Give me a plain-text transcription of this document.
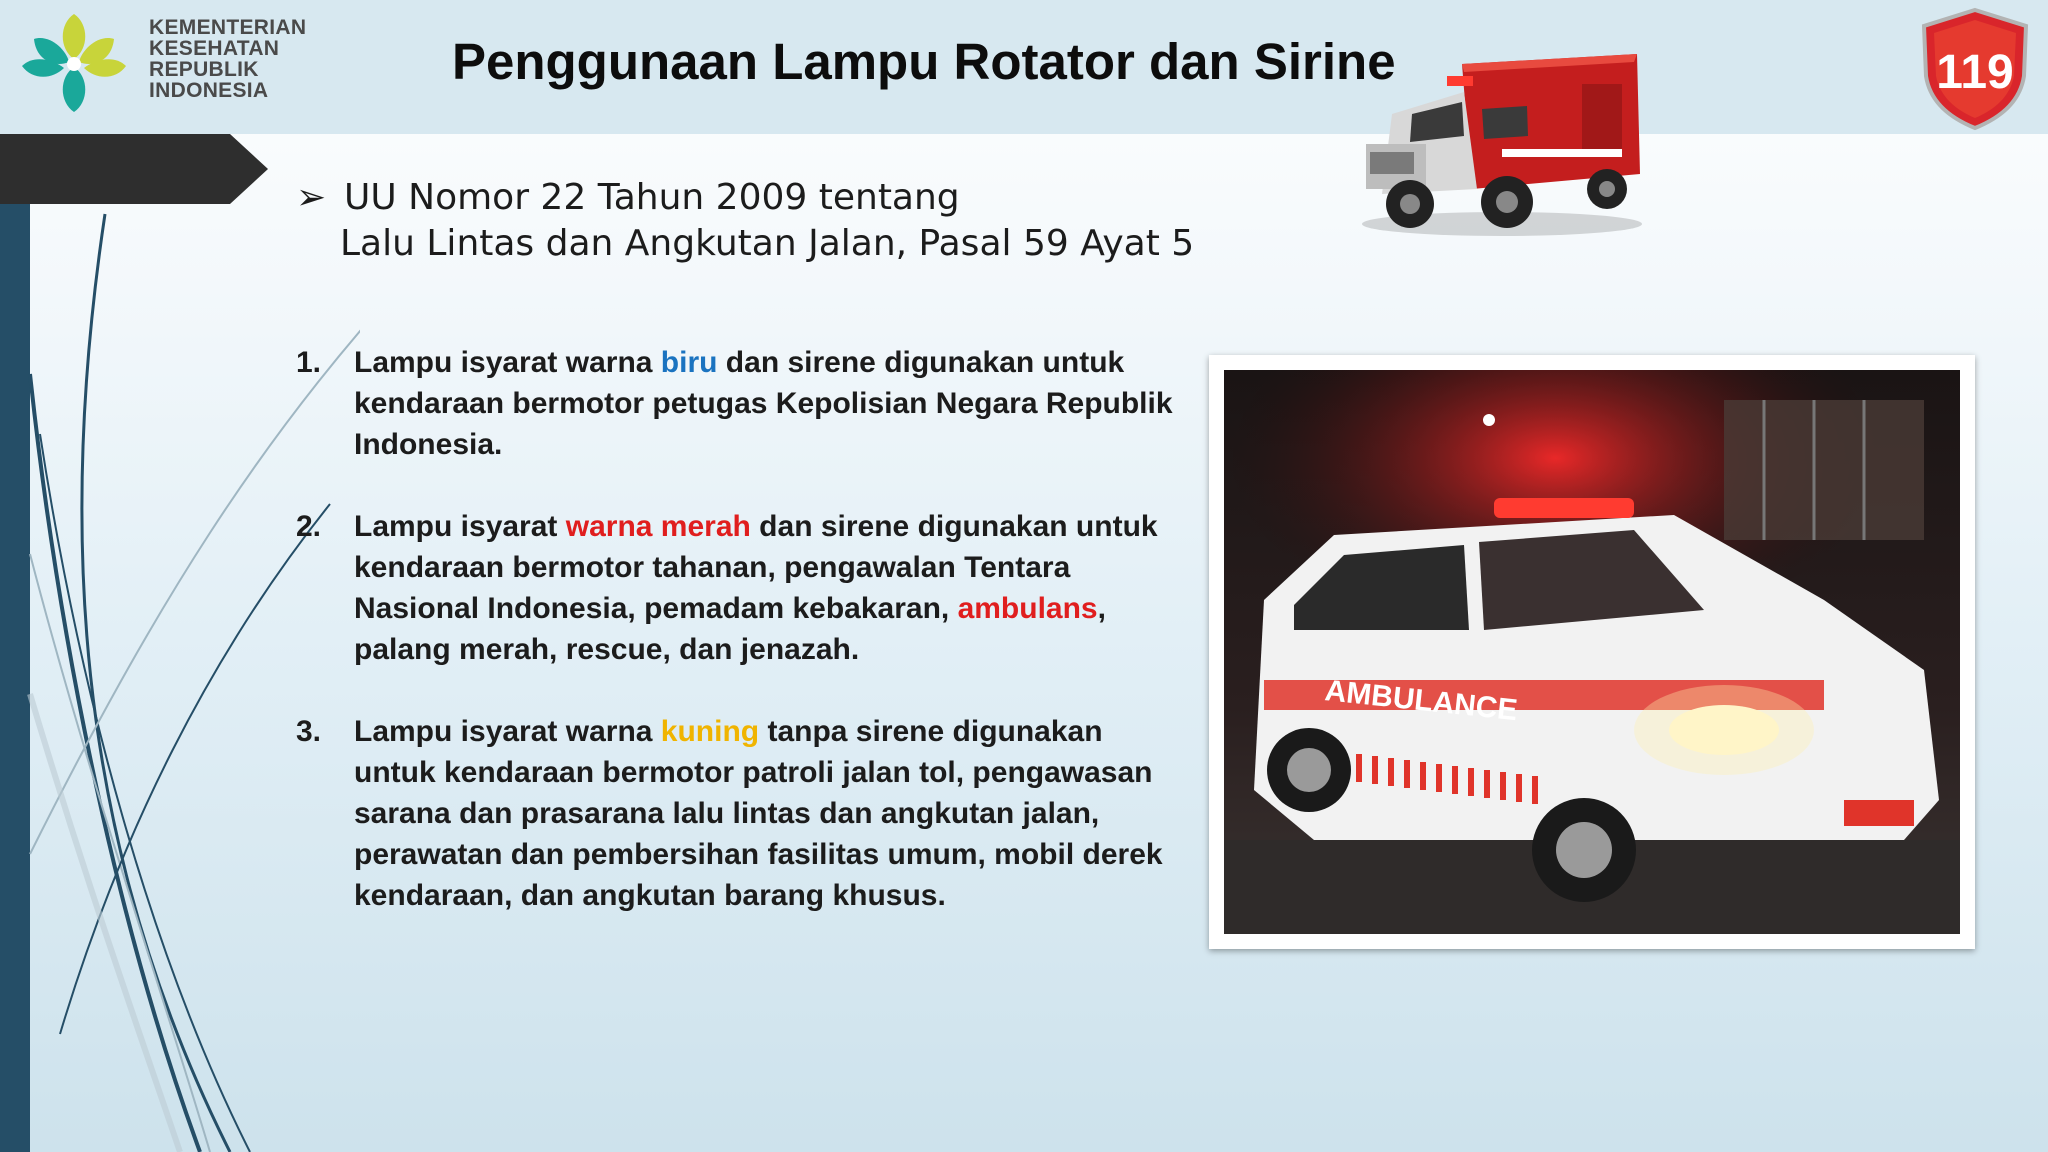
KEMENTERIAN
KESEHATAN
REPUBLIK
INDONESIA
Penggunaan Lampu Rotator dan Sirine	119
➢ UU Nomor 22 Tahun 2009 tentang
Lalu Lintas dan Angkutan Jalan, Pasal 59 Ayat 5
1. Lampu isyarat warna biru dan sirene digunakan untuk kendaraan bermotor petugas Kepolisian Negara Republik Indonesia.
2. Lampu isyarat warna merah dan sirene digunakan untuk kendaraan bermotor tahanan, pengawalan Tentara Nasional Indonesia, pemadam kebakaran, ambulans, palang merah, rescue, dan jenazah.
3. Lampu isyarat warna kuning tanpa sirene digunakan untuk kendaraan bermotor patroli jalan tol, pengawasan sarana dan prasarana lalu lintas dan angkutan jalan, perawatan dan pembersihan fasilitas umum, mobil derek kendaraan, dan angkutan barang khusus.
AMBULANCE
